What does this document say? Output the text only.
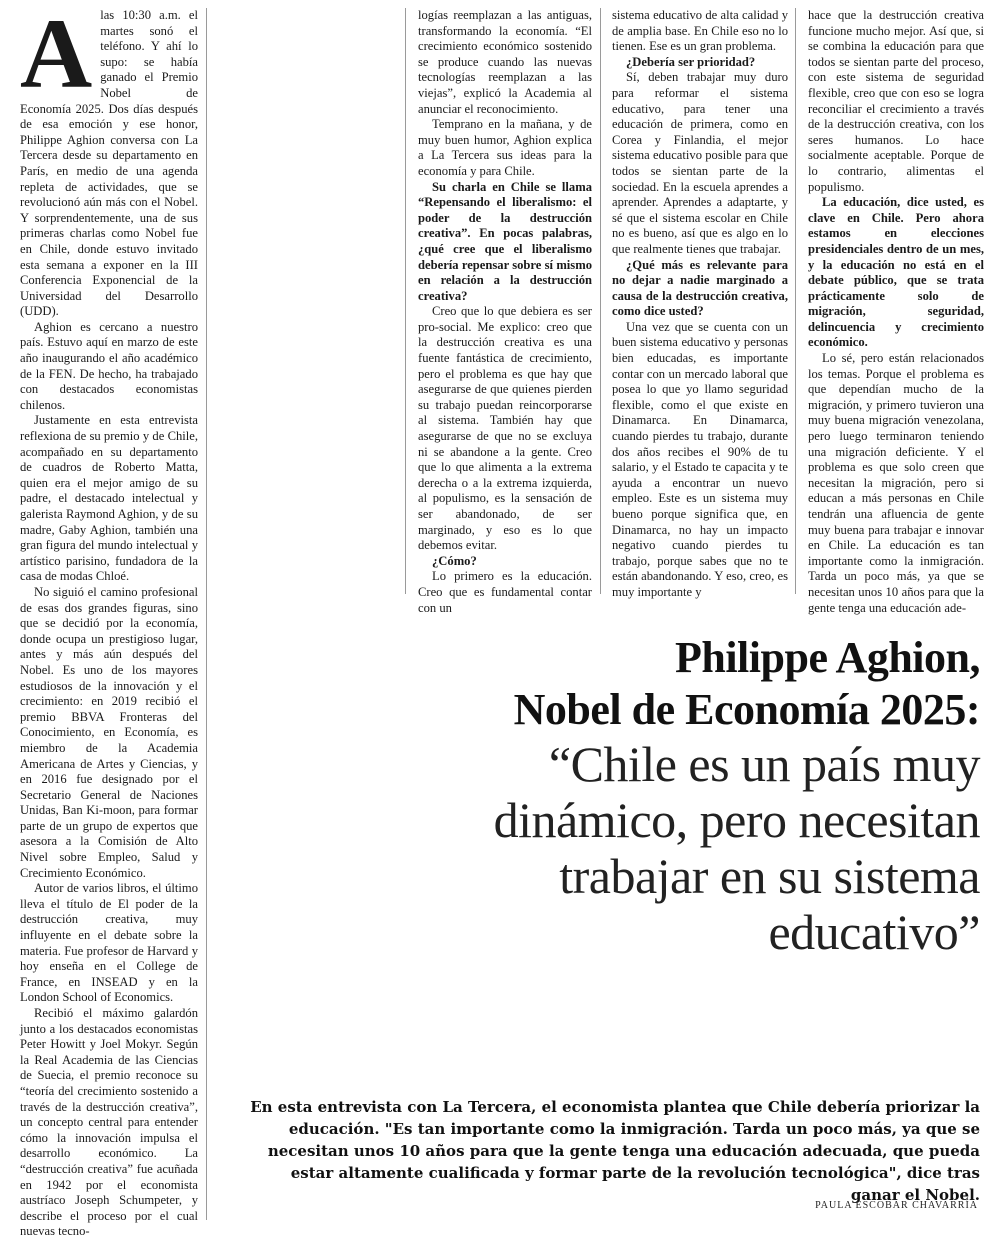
A las 10:30 a.m. el martes sonó el teléfono. Y ahí lo supo: se había ganado el Premio Nobel de Economía 2025. Dos días después de esa emoción y ese honor, Philippe Aghion conversa con La Tercera desde su departamento en París, en medio de una agenda repleta de actividades, que se revolucionó aún más con el Nobel. Y sorprendentemente, una de sus primeras charlas como Nobel fue en Chile, donde estuvo invitado esta semana a exponer en la III Conferencia Exponencial de la Universidad del Desarrollo (UDD).

Aghion es cercano a nuestro país. Estuvo aquí en marzo de este año inaugurando el año académico de la FEN. De hecho, ha trabajado con destacados economistas chilenos.

Justamente en esta entrevista reflexiona de su premio y de Chile, acompañado en su departamento de cuadros de Roberto Matta, quien era el mejor amigo de su padre, el destacado intelectual y galerista Raymond Aghion, y de su madre, Gaby Aghion, también una gran figura del mundo intelectual y artístico parisino, fundadora de la casa de modas Chloé.

No siguió el camino profesional de esas dos grandes figuras, sino que se decidió por la economía, donde ocupa un prestigioso lugar, antes y más aún después del Nobel. Es uno de los mayores estudiosos de la innovación y el crecimiento: en 2019 recibió el premio BBVA Fronteras del Conocimiento, en Economía, es miembro de la Academia Americana de Artes y Ciencias, y en 2016 fue designado por el Secretario General de Naciones Unidas, Ban Ki-moon, para formar parte de un grupo de expertos que asesora a la Comisión de Alto Nivel sobre Empleo, Salud y Crecimiento Económico.

Autor de varios libros, el último lleva el título de El poder de la destrucción creativa, muy influyente en el debate sobre la materia. Fue profesor de Harvard y hoy enseña en el College de France, en INSEAD y en la London School of Economics.

Recibió el máximo galardón junto a los destacados economistas Peter Howitt y Joel Mokyr. Según la Real Academia de las Ciencias de Suecia, el premio reconoce su “teoría del crecimiento sostenido a través de la destrucción creativa”, un concepto central para entender cómo la innovación impulsa el desarrollo económico. La “destrucción creativa” fue acuñada en 1942 por el economista austríaco Joseph Schumpeter, y describe el proceso por el cual nuevas tecno-

logías reemplazan a las antiguas, transformando la economía. “El crecimiento económico sostenido se produce cuando las nuevas tecnologías reemplazan a las viejas”, explicó la Academia al anunciar el reconocimiento.

Temprano en la mañana, y de muy buen humor, Aghion explica a La Tercera sus ideas para la economía y para Chile.

Su charla en Chile se llama “Repensando el liberalismo: el poder de la destrucción creativa”. En pocas palabras, ¿qué cree que el liberalismo debería repensar sobre sí mismo en relación a la destrucción creativa?

Creo que lo que debiera es ser pro-social. Me explico: creo que la destrucción creativa es una fuente fantástica de crecimiento, pero el problema es que hay que asegurarse de que quienes pierden su trabajo puedan reincorporarse al sistema. También hay que asegurarse de que no se excluya ni se abandone a la gente. Creo que lo que alimenta a la extrema derecha o a la extrema izquierda, al populismo, es la sensación de ser abandonado, de ser marginado, y eso es lo que debemos evitar.

¿Cómo?

Lo primero es la educación. Creo que es fundamental contar con un

sistema educativo de alta calidad y de amplia base. En Chile eso no lo tienen. Ese es un gran problema.

¿Debería ser prioridad?

Sí, deben trabajar muy duro para reformar el sistema educativo, para tener una educación de primera, como en Corea y Finlandia, el mejor sistema educativo posible para que todos se sientan parte de la sociedad. En la escuela aprendes a aprender. Aprendes a adaptarte, y sé que el sistema escolar en Chile no es bueno, así que es algo en lo que realmente tienes que trabajar.

¿Qué más es relevante para no dejar a nadie marginado a causa de la destrucción creativa, como dice usted?

Una vez que se cuenta con un buen sistema educativo y personas bien educadas, es importante contar con un mercado laboral que posea lo que yo llamo seguridad flexible, como el que existe en Dinamarca. En Dinamarca, cuando pierdes tu trabajo, durante dos años recibes el 90% de tu salario, y el Estado te capacita y te ayuda a encontrar un nuevo empleo. Este es un sistema muy bueno porque significa que, en Dinamarca, no hay un impacto negativo cuando pierdes tu trabajo, porque sabes que no te están abandonando. Y eso, creo, es muy importante y

hace que la destrucción creativa funcione mucho mejor. Así que, si se combina la educación para que todos se sientan parte del proceso, con este sistema de seguridad flexible, creo que con eso se logra reconciliar el crecimiento a través de la destrucción creativa, con los seres humanos. Lo hace socialmente aceptable. Porque de lo contrario, alimentas el populismo.

La educación, dice usted, es clave en Chile. Pero ahora estamos en elecciones presidenciales dentro de un mes, y la educación no está en el debate público, que se trata prácticamente solo de migración, seguridad, delincuencia y crecimiento económico.

Lo sé, pero están relacionados los temas. Porque el problema es que dependían mucho de la migración, y primero tuvieron una muy buena migración venezolana, pero luego terminaron teniendo una migración deficiente. Y el problema es que solo creen que necesitan la migración, pero si educan a más personas en Chile tendrán una afluencia de gente muy buena para trabajar e innovar en Chile. La educación es tan importante como la inmigración. Tarda un poco más, ya que se necesitan unos 10 años para que la gente tenga una educación ade-

Philippe Aghion,
Nobel de Economía 2025:
“Chile es un país muy
dinámico, pero necesitan
trabajar en su sistema
educativo”
En esta entrevista con La Tercera, el economista plantea que Chile debería priorizar la educación. "Es tan importante como la inmigración. Tarda un poco más, ya que se necesitan unos 10 años para que la gente tenga una educación adecuada, que pueda estar altamente cualificada y formar parte de la revolución tecnológica", dice tras ganar el Nobel.
PAULA ESCOBAR CHAVARRÍA
